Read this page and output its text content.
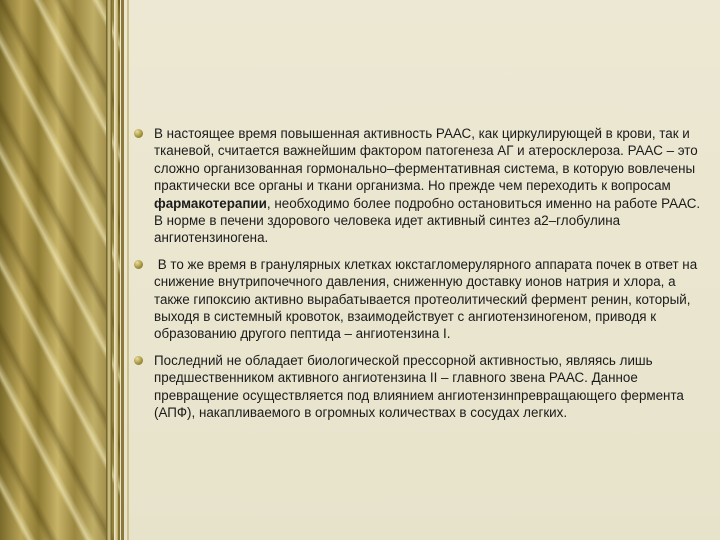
В настоящее время повышенная активность РААС, как циркулирующей в крови, так и тканевой, считается важнейшим фактором патогенеза АГ и атеросклероза. РААС – это сложно организованная гормонально–ферментативная система, в которую вовлечены практически все органы и ткани организма. Но прежде чем переходить к вопросам фармакотерапии, необходимо более подробно остановиться именно на работе РААС. В норме в печени здорового человека идет активный синтез а2–глобулина ангиотензиногена.
В то же время в гранулярных клетках юкстагломерулярного аппарата почек в ответ на снижение внутрипочечного давления, сниженную доставку ионов натрия и хлора, а также гипоксию активно вырабатывается протеолитический фермент ренин, который, выходя в системный кровоток, взаимодействует с ангиотензиногеном, приводя к образованию другого пептида – ангиотензина I.
Последний не обладает биологической прессорной активностью, являясь лишь предшественником активного ангиотензина II – главного звена РААС. Данное превращение осуществляется под влиянием ангиотензинпревращающего фермента (АПФ), накапливаемого в огромных количествах в сосудах легких.
